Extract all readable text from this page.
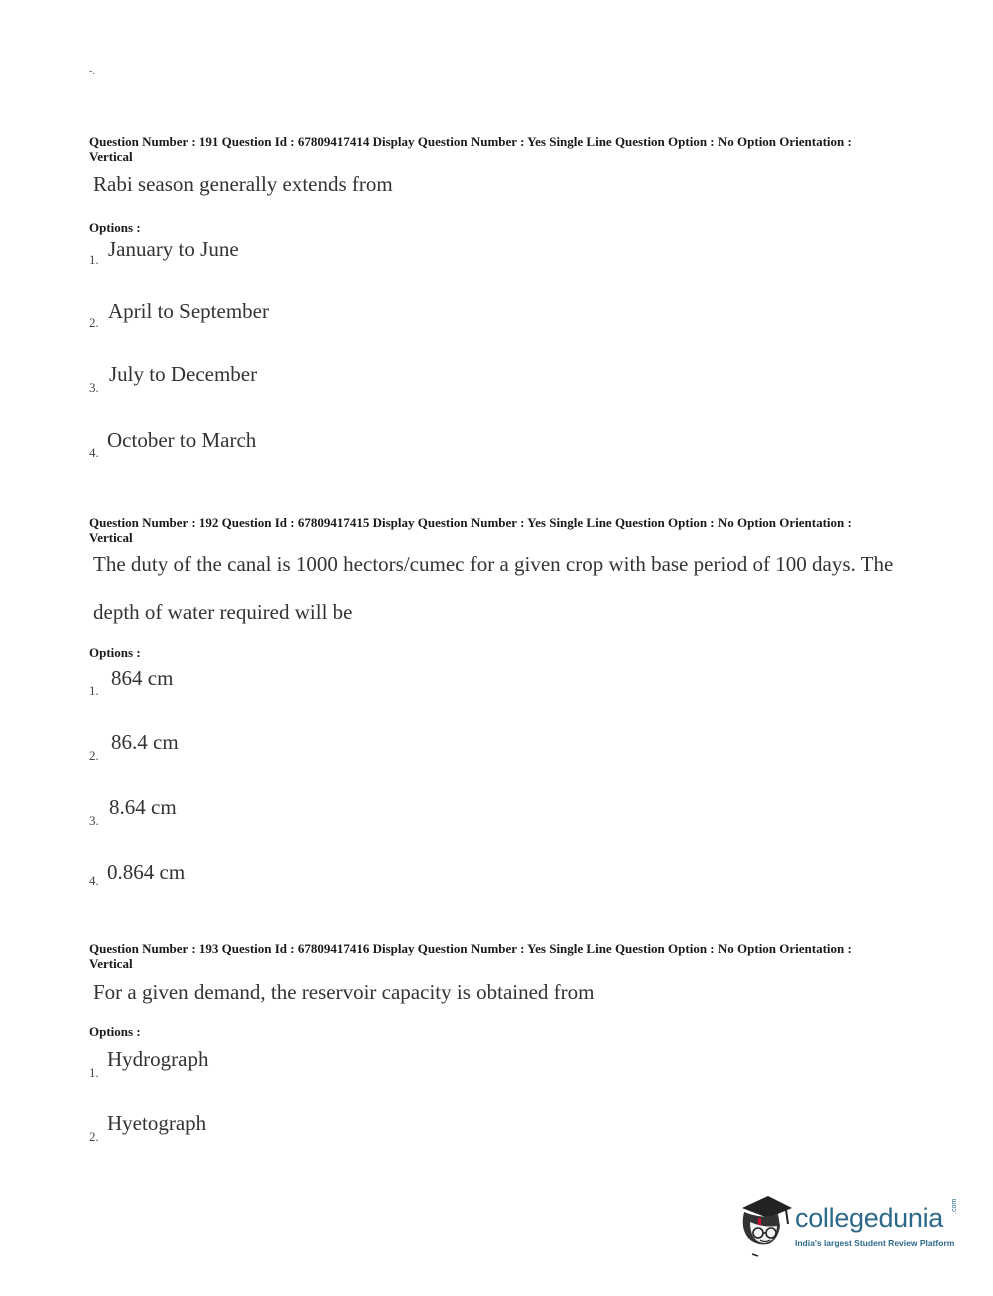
-.
Question Number : 191 Question Id : 67809417414 Display Question Number : Yes Single Line Question Option : No Option Orientation : Vertical
Rabi season generally extends from
Options :
1. January to June
2. April to September
3.
July to December
4.
October to March
Question Number : 192 Question Id : 67809417415 Display Question Number : Yes Single Line Question Option : No Option Orientation : Vertical
The duty of the canal is 1000 hectors/cumec for a given crop with base period of 100 days. The
depth of water required will be
Options :
1.
864 cm
2.
86.4 cm
3.
8.64 cm
4. 0.864 cm
Question Number : 193 Question Id : 67809417416 Display Question Number : Yes Single Line Question Option : No Option Orientation : Vertical
For a given demand, the reservoir capacity is obtained from
Options :
1.
Hydrograph
2.
Hyetograph
collegedunia .com
India's largest Student Review Platform
